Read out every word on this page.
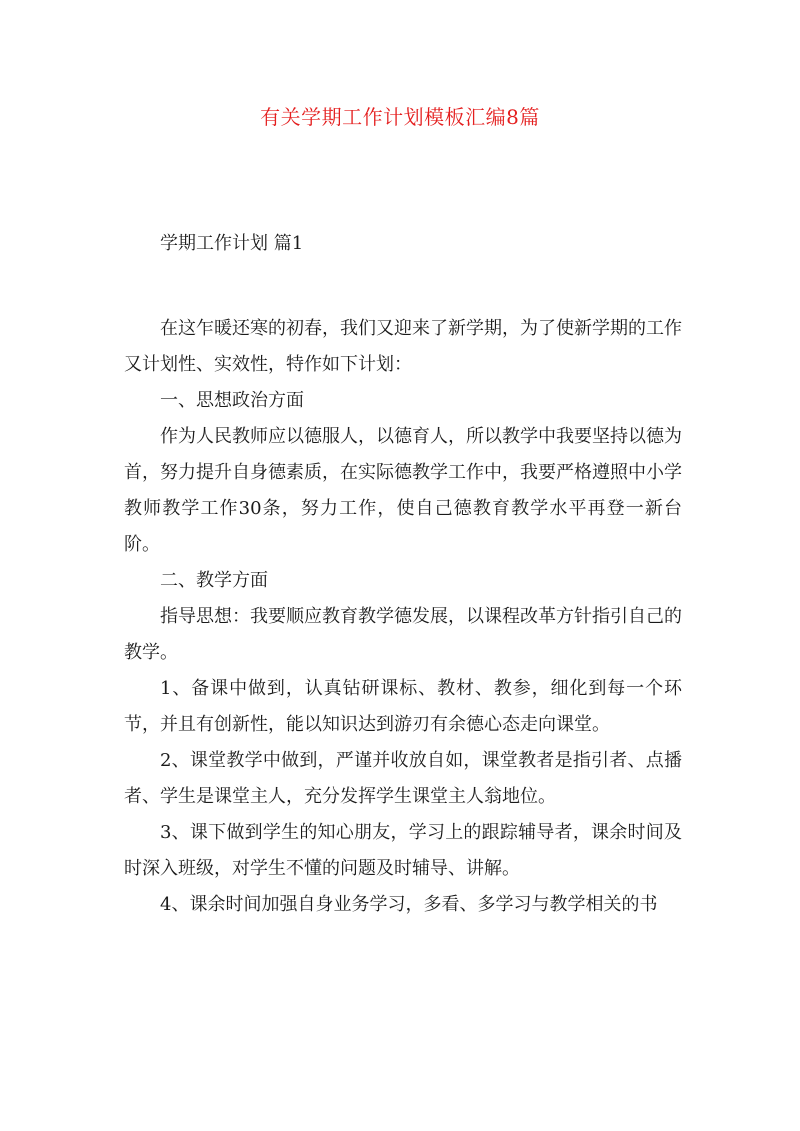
有关学期工作计划模板汇编8篇
学期工作计划 篇1

在这乍暖还寒的初春，我们又迎来了新学期，为了使新学期的工作又计划性、实效性，特作如下计划：

一、思想政治方面

作为人民教师应以德服人，以德育人，所以教学中我要坚持以德为首，努力提升自身德素质，在实际德教学工作中，我要严格遵照中小学教师教学工作30条，努力工作，使自己德教育教学水平再登一新台阶。

二、教学方面

指导思想：我要顺应教育教学德发展，以课程改革方针指引自己的教学。

1、备课中做到，认真钻研课标、教材、教参，细化到每一个环节，并且有创新性，能以知识达到游刃有余德心态走向课堂。

2、课堂教学中做到，严谨并收放自如，课堂教者是指引者、点播者、学生是课堂主人，充分发挥学生课堂主人翁地位。

3、课下做到学生的知心朋友，学习上的跟踪辅导者，课余时间及时深入班级，对学生不懂的问题及时辅导、讲解。

4、课余时间加强自身业务学习，多看、多学习与教学相关的书
